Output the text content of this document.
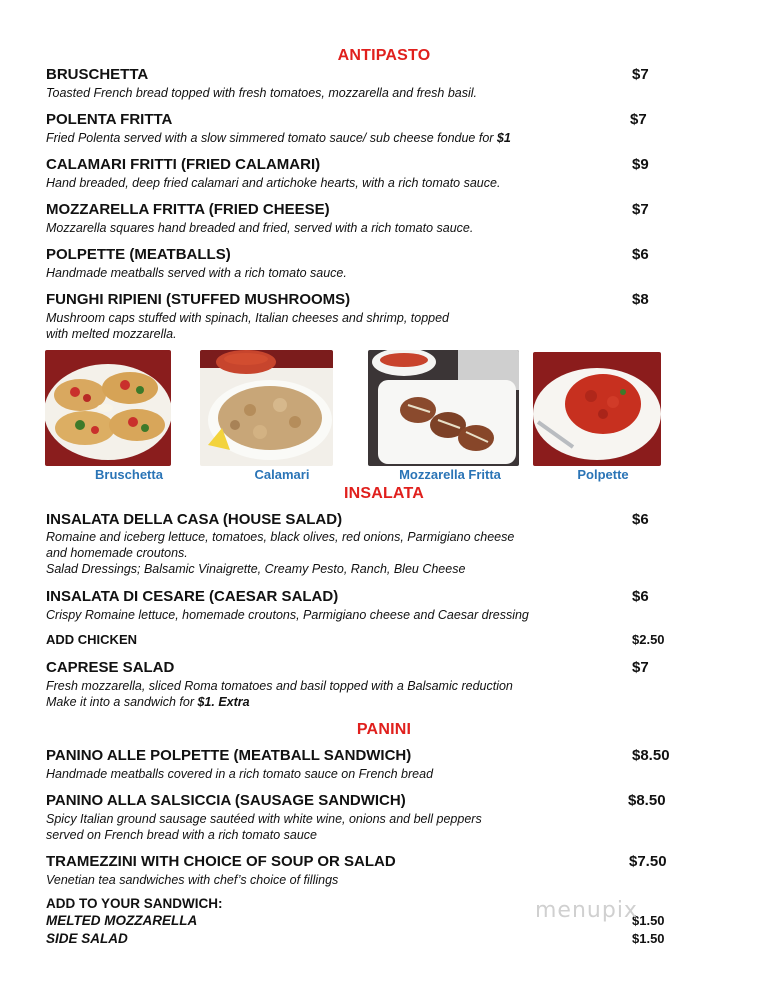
ANTIPASTO
BRUSCHETTA	$7
Toasted French bread topped with fresh tomatoes, mozzarella and fresh basil.
POLENTA FRITTA	$7
Fried Polenta served with a slow simmered tomato sauce/ sub cheese fondue for $1
CALAMARI FRITTI (FRIED CALAMARI)	$9
Hand breaded, deep fried calamari and artichoke hearts, with a rich tomato sauce.
MOZZARELLA FRITTA (FRIED CHEESE)	$7
Mozzarella squares hand breaded and fried, served with a rich tomato sauce.
POLPETTE (MEATBALLS)	$6
Handmade meatballs served with a rich tomato sauce.
FUNGHI RIPIENI (STUFFED MUSHROOMS)	$8
Mushroom caps stuffed with spinach, Italian cheeses and shrimp, topped
with melted mozzarella.
Bruschetta	Calamari	Mozzarella Fritta	Polpette
INSALATA
INSALATA DELLA CASA (HOUSE SALAD)	$6
Romaine and iceberg lettuce, tomatoes, black olives, red onions, Parmigiano cheese
and homemade croutons.
Salad Dressings; Balsamic Vinaigrette, Creamy Pesto, Ranch, Bleu Cheese
INSALATA DI CESARE (CAESAR SALAD)	$6
Crispy Romaine lettuce, homemade croutons, Parmigiano cheese and Caesar dressing
ADD CHICKEN	$2.50
CAPRESE SALAD	$7
Fresh mozzarella, sliced Roma tomatoes and basil topped with a Balsamic reduction
Make it into a sandwich for $1. Extra
PANINI
PANINO ALLE POLPETTE (MEATBALL SANDWICH)	$8.50
Handmade meatballs covered in a rich tomato sauce on French bread
PANINO ALLA SALSICCIA (SAUSAGE SANDWICH)	$8.50
Spicy Italian ground sausage sautéed with white wine, onions and bell peppers
served on French bread with a rich tomato sauce
TRAMEZZINI WITH CHOICE OF SOUP OR SALAD	$7.50
Venetian tea sandwiches with chef’s choice of fillings
ADD TO YOUR SANDWICH:
MELTED MOZZARELLA	$1.50
SIDE SALAD	$1.50
menupix
